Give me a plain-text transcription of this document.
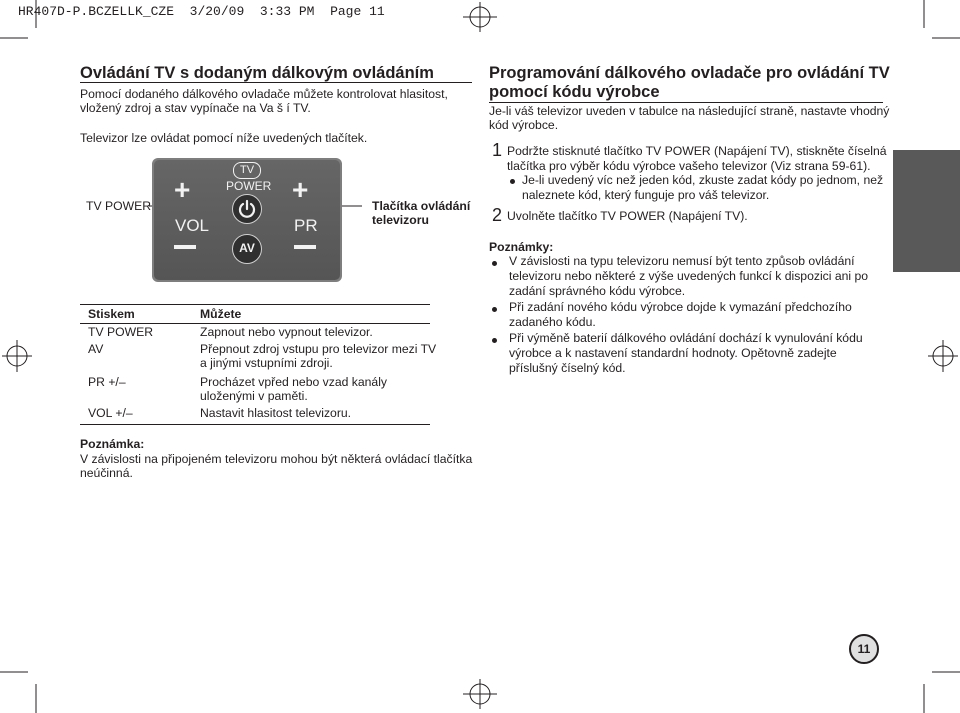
HR407D-P.BCZELLK_CZE 3/20/09 3:33 PM Page 11
Ovládání TV s dodaným dálkovým ovládáním
Pomocí dodaného dálkového ovladače můžete kontrolovat hlasitost,
vložený zdroj a stav vypínače na Va š í TV.
Televizor lze ovládat pomocí níže uvedených tlačítek.
TV POWER	Tlačítka ovládání
televizoru
TV
POWER
+
VOL
+
PR
AV
Stiskem	Můžete
TV POWER	Zapnout nebo vypnout televizor.
AV	Přepnout zdroj vstupu pro televizor mezi TV
a jinými vstupními zdroji.
PR +/–	Procházet vpřed nebo vzad kanály
uloženými v paměti.
VOL +/–	Nastavit hlasitost televizoru.
Poznámka:
V závislosti na připojeném televizoru mohou být některá ovládací tlačítka
neúčinná.
Programování dálkového ovladače pro ovládání TV
pomocí kódu výrobce
Je-li váš televizor uveden v tabulce na následující straně, nastavte vhodný
kód výrobce.
1 Podržte stisknuté tlačítko TV POWER (Napájení TV), stiskněte číselná
tlačítka pro výběr kódu výrobce vašeho televizor (Viz strana 59-61).
Je-li uvedený víc než jeden kód, zkuste zadat kódy po jednom, než
naleznete kód, který funguje pro váš televizor.
2 Uvolněte tlačítko TV POWER (Napájení TV).
Poznámky:
V závislosti na typu televizoru nemusí být tento způsob ovládání
televizoru nebo některé z výše uvedených funkcí k dispozici ani po
zadání správného kódu výrobce.
Při zadání nového kódu výrobce dojde k vymazání předchozího
zadaného kódu.
Při výměně baterií dálkového ovládání dochází k vynulování kódu
výrobce a k nastavení standardní hodnoty. Opětovně zadejte
příslušný číselný kód.
11
